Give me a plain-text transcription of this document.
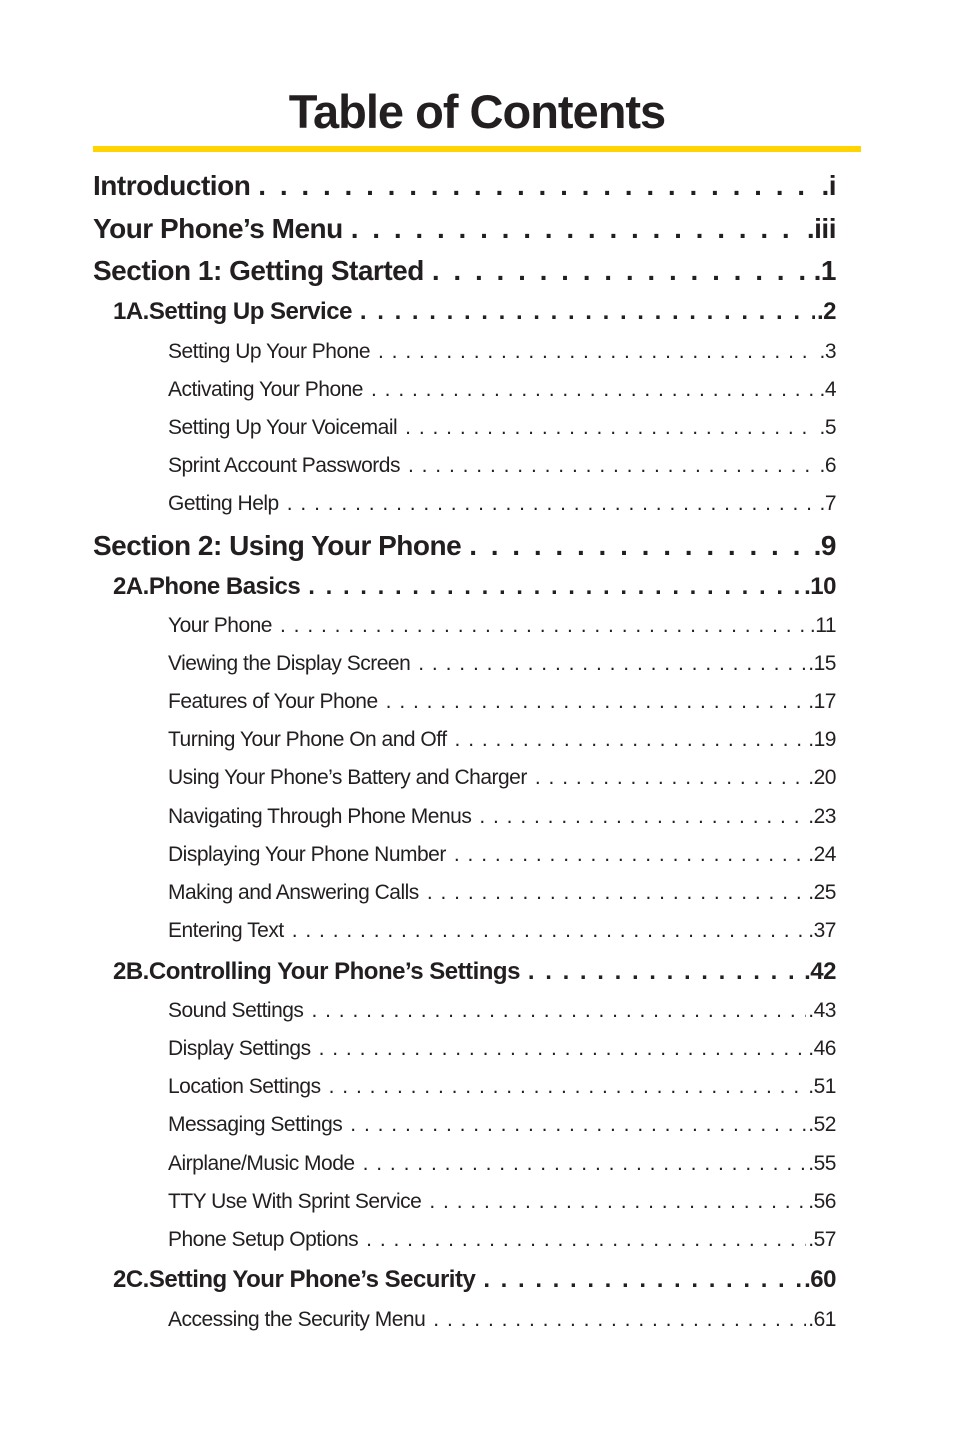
Table of Contents
Introduction . . .	.i
Your Phone’s Menu . . .	.iii
Section 1: Getting Started . . .	.1
1A. Setting Up Service . . .	.2
Setting Up Your Phone . . .	.3
Activating Your Phone . . .	.4
Setting Up Your Voicemail . . .	.5
Sprint Account Passwords . . .	.6
Getting Help . . .	.7
Section 2: Using Your Phone . . .	.9
2A. Phone Basics . . .	.10
Your Phone . . .	.11
Viewing the Display Screen . . .	.15
Features of Your Phone . . .	.17
Turning Your Phone On and Off . . .	.19
Using Your Phone’s Battery and Charger . . .	.20
Navigating Through Phone Menus . . .	.23
Displaying Your Phone Number . . .	.24
Making and Answering Calls . . .	.25
Entering Text . . .	.37
2B. Controlling Your Phone’s Settings . . .	.42
Sound Settings . . .	.43
Display Settings . . .	.46
Location Settings . . .	.51
Messaging Settings . . .	.52
Airplane/Music Mode . . .	.55
TTY Use With Sprint Service . . .	.56
Phone Setup Options . . .	.57
2C. Setting Your Phone’s Security . . .	.60
Accessing the Security Menu . . .	.61
